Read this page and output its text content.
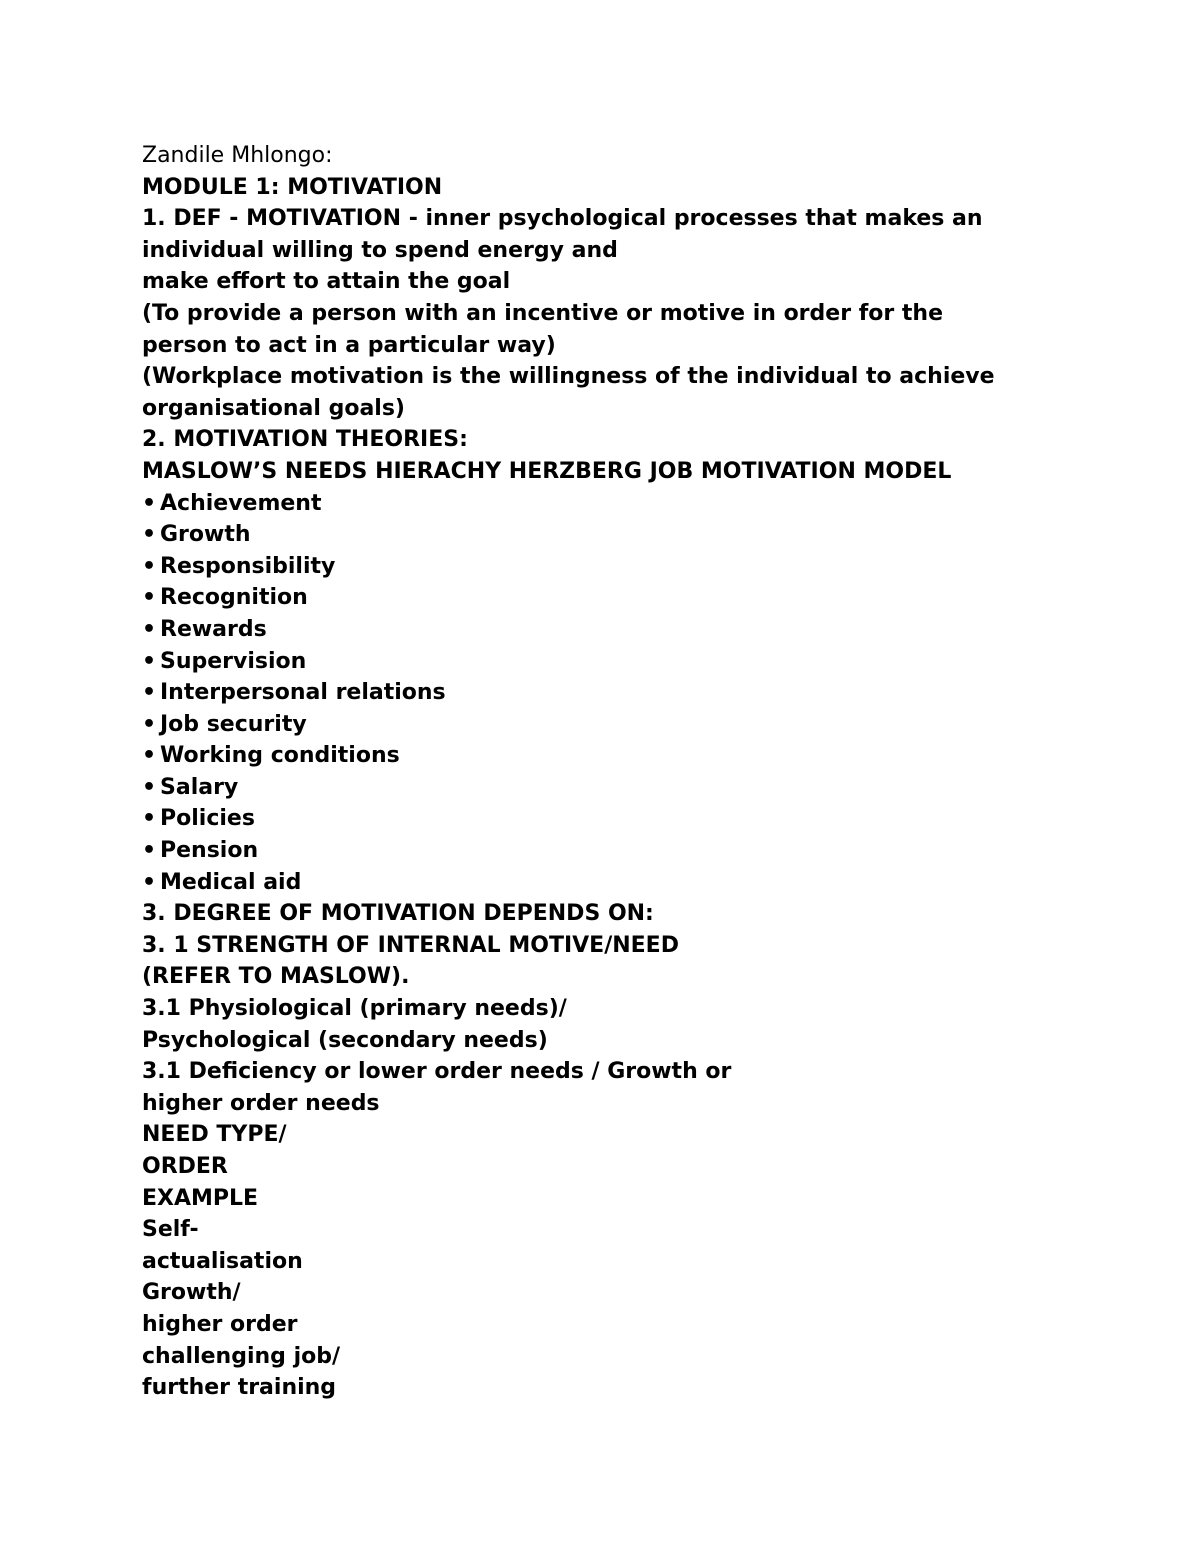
Zandile Mhlongo:
MODULE 1: MOTIVATION
1. DEF - MOTIVATION - inner psychological processes that makes an
individual willing to spend energy and
make effort to attain the goal
(To provide a person with an incentive or motive in order for the
person to act in a particular way)
(Workplace motivation is the willingness of the individual to achieve
organisational goals)
2. MOTIVATION THEORIES:
MASLOW’S NEEDS HIERACHY HERZBERG JOB MOTIVATION MODEL
• Achievement
• Growth
• Responsibility
• Recognition
• Rewards
• Supervision
• Interpersonal relations
• Job security
• Working conditions
• Salary
• Policies
• Pension
• Medical aid
3. DEGREE OF MOTIVATION DEPENDS ON:
3. 1 STRENGTH OF INTERNAL MOTIVE/NEED
(REFER TO MASLOW).
3.1 Physiological (primary needs)/
Psychological (secondary needs)
3.1 Deficiency or lower order needs / Growth or
higher order needs
NEED TYPE/
ORDER
EXAMPLE
Self-
actualisation
Growth/
higher order
challenging job/
further training
